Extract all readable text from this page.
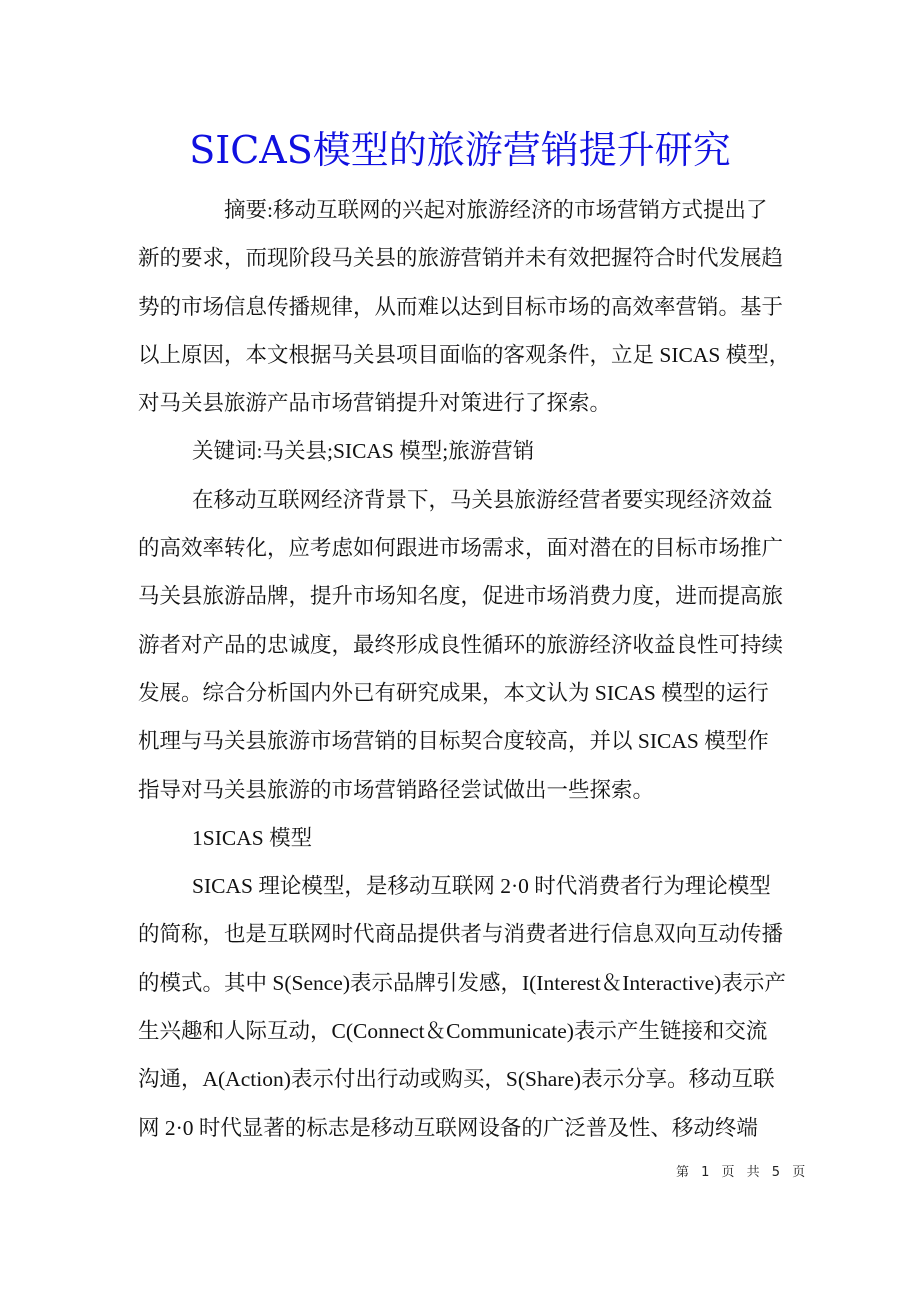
SICAS模型的旅游营销提升研究
摘要:移动互联网的兴起对旅游经济的市场营销方式提出了
新的要求，而现阶段马关县的旅游营销并未有效把握符合时代发展趋
势的市场信息传播规律，从而难以达到目标市场的高效率营销。基于
以上原因，本文根据马关县项目面临的客观条件，立足 SICAS 模型，
对马关县旅游产品市场营销提升对策进行了探索。
关键词:马关县;SICAS 模型;旅游营销
在移动互联网经济背景下，马关县旅游经营者要实现经济效益
的高效率转化，应考虑如何跟进市场需求，面对潜在的目标市场推广
马关县旅游品牌，提升市场知名度，促进市场消费力度，进而提高旅
游者对产品的忠诚度，最终形成良性循环的旅游经济收益良性可持续
发展。综合分析国内外已有研究成果，本文认为 SICAS 模型的运行
机理与马关县旅游市场营销的目标契合度较高，并以 SICAS 模型作
指导对马关县旅游的市场营销路径尝试做出一些探索。
1SICAS 模型
SICAS 理论模型，是移动互联网 2·0 时代消费者行为理论模型
的简称，也是互联网时代商品提供者与消费者进行信息双向互动传播
的模式。其中 S(Sence)表示品牌引发感，I(Interest＆Interactive)表示产
生兴趣和人际互动，C(Connect＆Communicate)表示产生链接和交流
沟通，A(Action)表示付出行动或购买，S(Share)表示分享。移动互联
网 2·0 时代显著的标志是移动互联网设备的广泛普及性、移动终端
第 1 页 共 5 页
